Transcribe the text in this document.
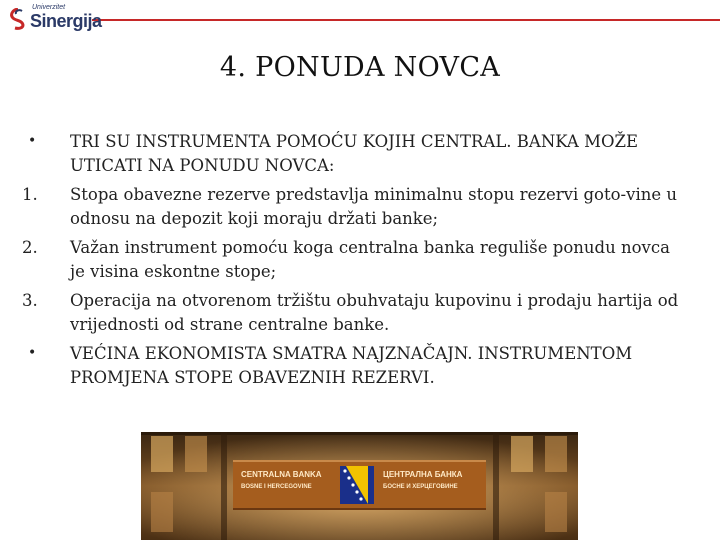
Univerzitet
Sinergija
4. PONUDA NOVCA
•	TRI SU INSTRUMENTA POMOĆU KOJIH CENTRAL. BANKA MOŽE UTICATI NA PONUDU NOVCA:
1.	Stopa obavezne rezerve predstavlja minimalnu stopu rezervi goto-vine u odnosu na depozit koji moraju držati banke;
2.	Važan instrument pomoću koga centralna banka reguliše ponudu novca je visina eskontne stope;
3.	Operacija na otvorenom tržištu obuhvataju kupovinu i prodaju hartija od vrijednosti od strane centralne banke.
•	VEĆINA EKONOMISTA SMATRA NAJZNAČAJN. INSTRUMENTOM PROMJENA STOPE OBAVEZNIH REZERVI.
CENTRALNA BANKA
BOSNE I HERCEGOVINE
ЦЕНТРАЛНА БАНКА
БОСНЕ И ХЕРЦЕГОВИНЕ
